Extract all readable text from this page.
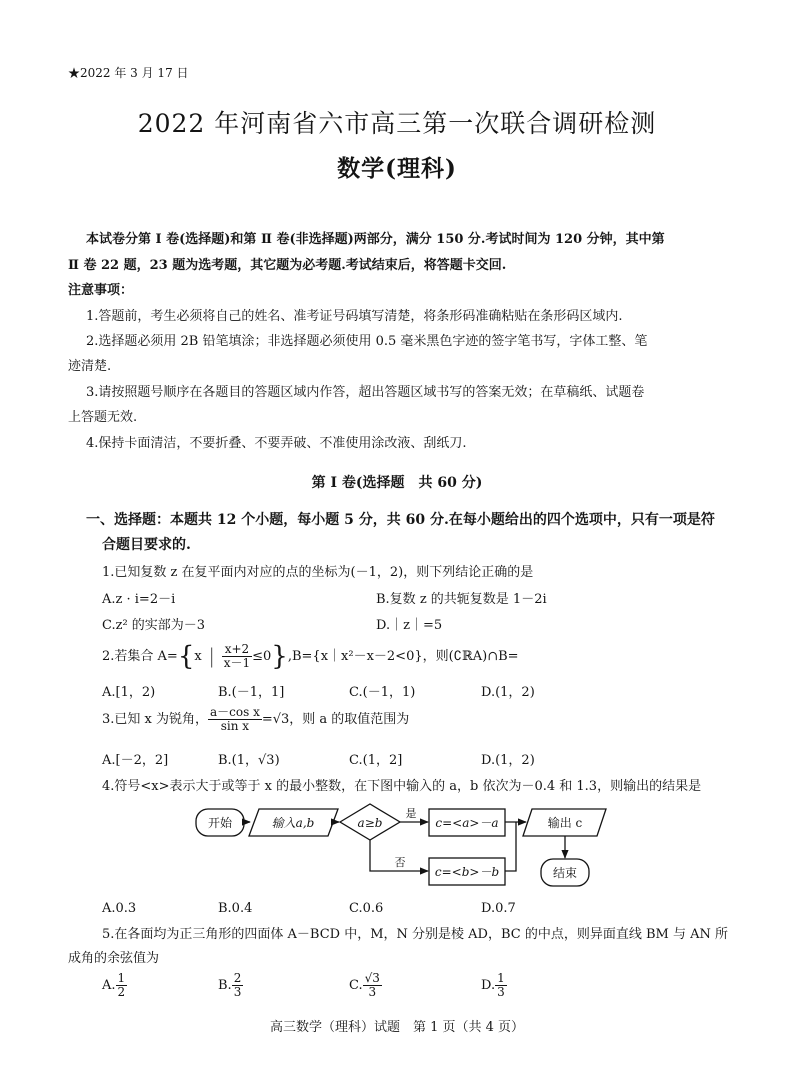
★2022 年 3 月 17 日
2022 年河南省六市高三第一次联合调研检测
数学(理科)
本试卷分第 Ⅰ 卷(选择题)和第 Ⅱ 卷(非选择题)两部分，满分 150 分.考试时间为 120 分钟，其中第
Ⅱ 卷 22 题，23 题为选考题，其它题为必考题.考试结束后，将答题卡交回.
注意事项：
1.答题前，考生必须将自己的姓名、准考证号码填写清楚，将条形码准确粘贴在条形码区域内.
2.选择题必须用 2B 铅笔填涂；非选择题必须使用 0.5 毫米黑色字迹的签字笔书写，字体工整、笔
迹清楚.
3.请按照题号顺序在各题目的答题区域内作答，超出答题区域书写的答案无效；在草稿纸、试题卷
上答题无效.
4.保持卡面清洁，不要折叠、不要弄破、不准使用涂改液、刮纸刀.
第 Ⅰ 卷(选择题　共 60 分)
一、选择题：本题共 12 个小题，每小题 5 分，共 60 分.在每小题给出的四个选项中，只有一项是符
合题目要求的.
1.已知复数 z 在复平面内对应的点的坐标为(－1，2)，则下列结论正确的是
A.z · i=2－i	B.复数 z 的共轭复数是 1－2i
C.z² 的实部为－3	D.｜z｜=5
2.若集合 A={x｜ $\frac{x+2}{x-1}$ ≤0},B={x｜x²－x－2<0}，则(∁ℝA)∩B=
A.[1，2)	B.(－1，1]	C.(－1，1)	D.(1，2)
3.已知 x 为锐角， $\frac{\text{a－cos x}}{\text{sin x}} =√3$，则 a 的取值范围为
A.[－2，2]	B.(1，√3)	C.(1，2]	D.(1，2)
4.符号<x>表示大于或等于 x 的最小整数，在下图中输入的 a，b 依次为－0.4 和 1.3，则输出的结果是
开始	输入a,b	a≥b
是
否
c=<a>－a
c=<b>－b
输出 c
结束
A.0.3	B.0.4	C.0.6	D.0.7
5.在各面均为正三角形的四面体 A－BCD 中，M，N 分别是棱 AD，BC 的中点，则异面直线 BM 与 AN 所
成角的余弦值为
A. $\frac{1}{2}$	B. $\frac{2}{3}$	C. $\frac{√3}{3}$	D. $\frac{1}{3}$
高三数学（理科）试题　第 1 页（共 4 页）
